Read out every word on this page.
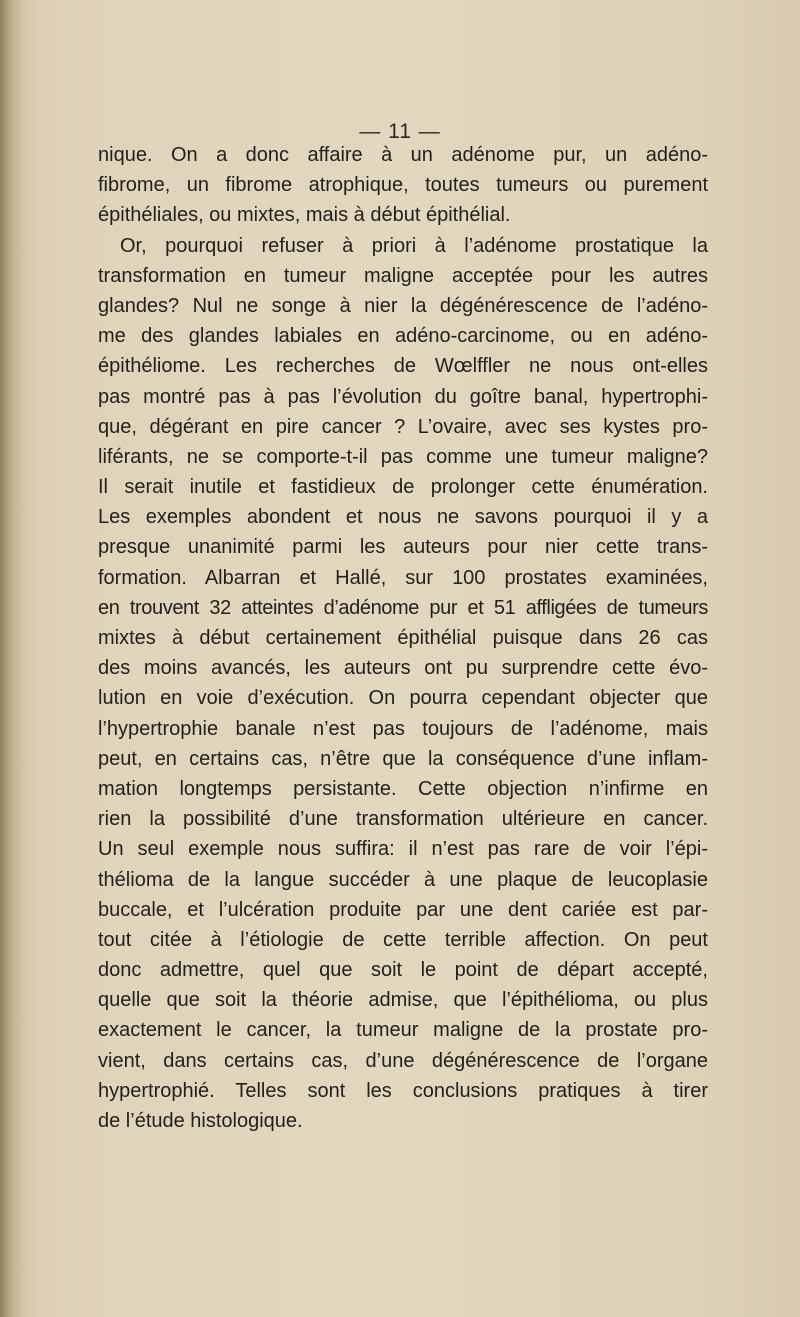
— 11 —
nique. On a donc affaire à un adénome pur, un adéno-
fibrome, un fibrome atrophique, toutes tumeurs ou purement
épithéliales, ou mixtes, mais à début épithélial.
Or, pourquoi refuser à priori à l’adénome prostatique la
transformation en tumeur maligne acceptée pour les autres
glandes? Nul ne songe à nier la dégénérescence de l’adéno-
me des glandes labiales en adéno-carcinome, ou en adéno-
épithéliome. Les recherches de Wœlffler ne nous ont-elles
pas montré pas à pas l’évolution du goître banal, hypertrophi-
que, dégérant en pire cancer ? L’ovaire, avec ses kystes pro-
liférants, ne se comporte-t-il pas comme une tumeur maligne?
Il serait inutile et fastidieux de prolonger cette énumération.
Les exemples abondent et nous ne savons pourquoi il y a
presque unanimité parmi les auteurs pour nier cette trans-
formation. Albarran et Hallé, sur 100 prostates examinées,
en trouvent 32 atteintes d’adénome pur et 51 affligées de tumeurs
mixtes à début certainement épithélial puisque dans 26 cas
des moins avancés, les auteurs ont pu surprendre cette évo-
lution en voie d’exécution. On pourra cependant objecter que
l’hypertrophie banale n’est pas toujours de l’adénome, mais
peut, en certains cas, n’être que la conséquence d’une inflam-
mation longtemps persistante. Cette objection n’infirme en
rien la possibilité d’une transformation ultérieure en cancer.
Un seul exemple nous suffira: il n’est pas rare de voir l’épi-
thélioma de la langue succéder à une plaque de leucoplasie
buccale, et l’ulcération produite par une dent cariée est par-
tout citée à l’étiologie de cette terrible affection. On peut
donc admettre, quel que soit le point de départ accepté,
quelle que soit la théorie admise, que l’épithélioma, ou plus
exactement le cancer, la tumeur maligne de la prostate pro-
vient, dans certains cas, d’une dégénérescence de l’organe
hypertrophié. Telles sont les conclusions pratiques à tirer
de l’étude histologique.
